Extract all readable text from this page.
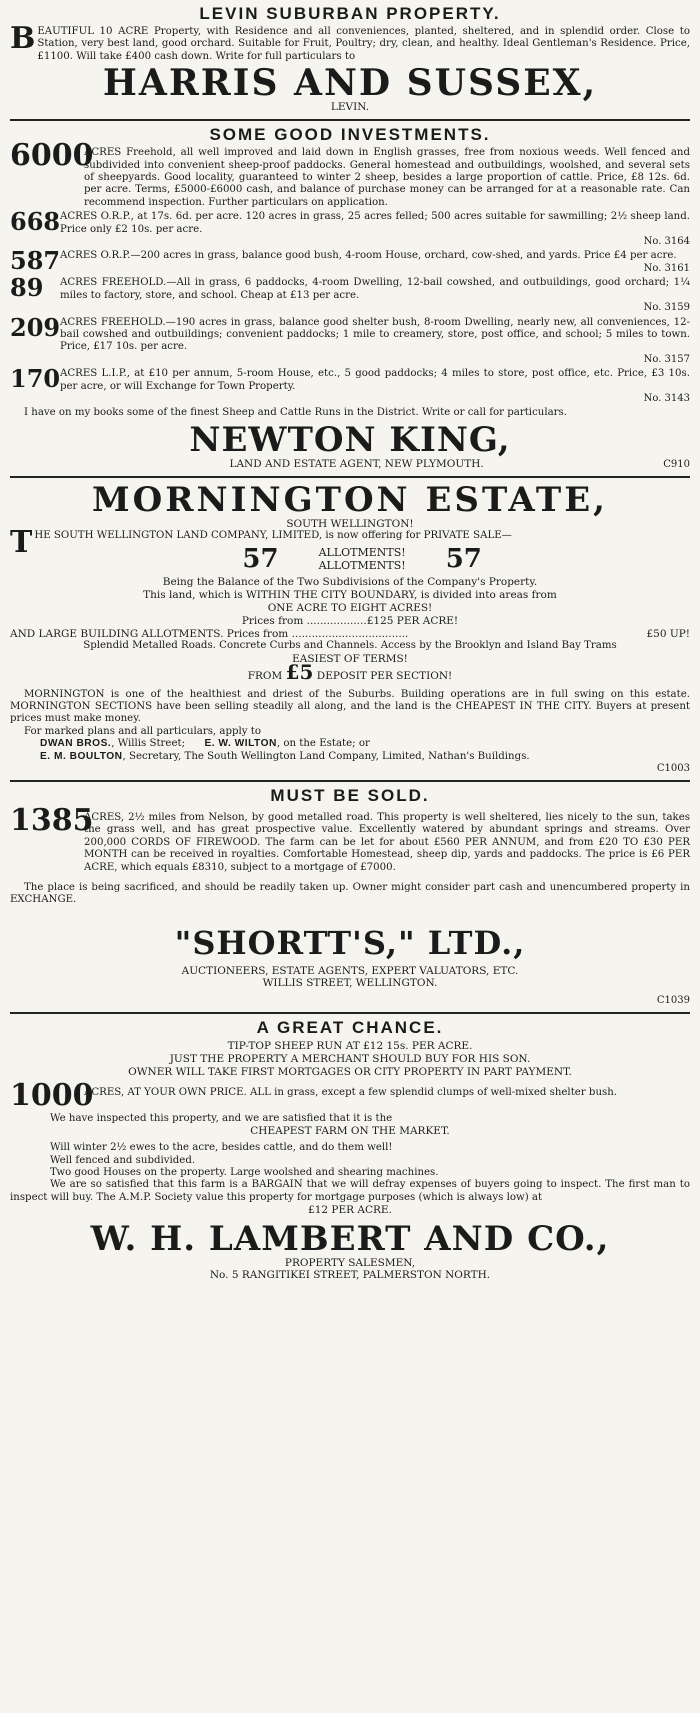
LEVIN SUBURBAN PROPERTY.

BEAUTIFUL 10 ACRE Property, with Residence and all conveniences, planted, sheltered, and in splendid order. Close to Station, very best land, good orchard. Suitable for Fruit, Poultry; dry, clean, and healthy. Ideal Gentleman's Residence. Price, £1100. Will take £400 cash down. Write for full particulars to

HARRIS AND SUSSEX,

LEVIN.

SOME GOOD INVESTMENTS.
6000
ACRES Freehold, all well improved and laid down in English grasses, free from noxious weeds. Well fenced and subdivided into convenient sheep-proof paddocks. General homestead and outbuildings, woolshed, and several sets of sheepyards. Good locality, guaranteed to winter 2 sheep, besides a large proportion of cattle. Price, £8 12s. 6d. per acre. Terms, £5000-£6000 cash, and balance of purchase money can be arranged for at a reasonable rate. Can recommend inspection. Further particulars on application.
668 ACRES O.R.P., at 17s. 6d. per acre. 120 acres in grass, 25 acres felled; 500 acres suitable for sawmilling; 2½ sheep land. Price only £2 10s. per acre.
No. 3164
587 ACRES O.R.P.—200 acres in grass, balance good bush, 4-room House, orchard, cow-shed, and yards. Price £4 per acre.
No. 3161
89 ACRES FREEHOLD.—All in grass, 6 paddocks, 4-room Dwelling, 12-bail cowshed, and outbuildings, good orchard; 1¼ miles to factory, store, and school. Cheap at £13 per acre.
No. 3159
209 ACRES FREEHOLD.—190 acres in grass, balance good shelter bush, 8-room Dwelling, nearly new, all conveniences, 12-bail cowshed and outbuildings; convenient paddocks; 1 mile to creamery, store, post office, and school; 5 miles to town. Price, £17 10s. per acre.
No. 3157
170 ACRES L.I.P., at £10 per annum, 5-room House, etc., 5 good paddocks; 4 miles to store, post office, etc. Price, £3 10s. per acre, or will Exchange for Town Property.
No. 3143

I have on my books some of the finest Sheep and Cattle Runs in the District. Write or call for particulars.

NEWTON KING,
LAND AND ESTATE AGENT, NEW PLYMOUTH.	C910
MORNINGTON ESTATE,

SOUTH WELLINGTON!

THE SOUTH WELLINGTON LAND COMPANY, LIMITED, is now offering for PRIVATE SALE—

57	ALLOTMENTS!
ALLOTMENTS! 57

Being the Balance of the Two Subdivisions of the Company's Property.

This land, which is WITHIN THE CITY BOUNDARY, is divided into areas from

ONE ACRE TO EIGHT ACRES!

Prices from ..................£125 PER ACRE!

AND LARGE BUILDING ALLOTMENTS. Prices from ...................................	£50 UP!

Splendid Metalled Roads. Concrete Curbs and Channels. Access by the Brooklyn and Island Bay Trams

EASIEST OF TERMS!

FROM £5 DEPOSIT PER SECTION!

MORNINGTON is one of the healthiest and driest of the Suburbs. Building operations are in full swing on this estate. MORNINGTON SECTIONS have been selling steadily all along, and the land is the CHEAPEST IN THE CITY. Buyers at present prices must make money.

For marked plans and all particulars, apply to

DWAN BROS., Willis Street; E. W. WILTON, on the Estate; or
E. M. BOULTON, Secretary, The South Wellington Land Company, Limited, Nathan's Buildings.

C1003

MUST BE SOLD.
1385
ACRES, 2½ miles from Nelson, by good metalled road. This property is well sheltered, lies nicely to the sun, takes the grass well, and has great prospective value. Excellently watered by abundant springs and streams. Over 200,000 CORDS OF FIREWOOD. The farm can be let for about £560 PER ANNUM, and from £20 TO £30 PER MONTH can be received in royalties. Comfortable Homestead, sheep dip, yards and paddocks. The price is £6 PER ACRE, which equals £8310, subject to a mortgage of £7000.

The place is being sacrificed, and should be readily taken up. Owner might consider part cash and unencumbered property in EXCHANGE.

"SHORTT'S," LTD.,

AUCTIONEERS, ESTATE AGENTS, EXPERT VALUATORS, ETC.

WILLIS STREET, WELLINGTON.

C1039

A GREAT CHANCE.

TIP-TOP SHEEP RUN AT £12 15s. PER ACRE.

JUST THE PROPERTY A MERCHANT SHOULD BUY FOR HIS SON.

OWNER WILL TAKE FIRST MORTGAGES OR CITY PROPERTY IN PART PAYMENT.

1000
ACRES, AT YOUR OWN PRICE. ALL in grass, except a few splendid clumps of well-mixed shelter bush.

We have inspected this property, and we are satisfied that it is the

CHEAPEST FARM ON THE MARKET.

Will winter 2½ ewes to the acre, besides cattle, and do them well!

Well fenced and subdivided.

Two good Houses on the property. Large woolshed and shearing machines.

We are so satisfied that this farm is a BARGAIN that we will defray expenses of buyers going to inspect. The first man to inspect will buy. The A.M.P. Society value this property for mortgage purposes (which is always low) at

£12 PER ACRE.

W. H. LAMBERT AND CO.,

PROPERTY SALESMEN,

No. 5 RANGITIKEI STREET, PALMERSTON NORTH.
